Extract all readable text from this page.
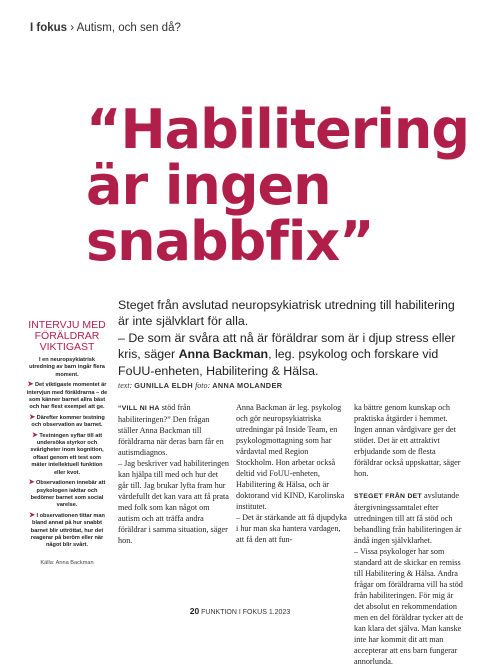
I fokus › Autism, och sen då?
“Habilitering
är ingen
snabbfix”
Steget från avslutad neuropsykiatrisk utredning till habilitering är inte självklart för alla.
– De som är svåra att nå är föräldrar som är i djup stress eller kris, säger Anna Backman, leg. psykolog och forskare vid FoUU-enheten, Habilitering & Hälsa.
text: GUNILLA ELDH foto: ANNA MOLANDER
INTERVJU MED
FÖRÄLDRAR
VIKTIGAST
I en neuropsykiatrisk utredning av barn ingår flera moment.
➤ Det viktigaste momentet är intervjun med föräldrarna – de som känner barnet allra bäst och har flest exempel att ge.
➤ Därefter kommer testning och observation av barnet.
➤ Testningen syftar till att undersöka styrkor och svårigheter inom kognition, oftast genom ett test som mäter intellektuell funktion eller kvot.
➤ Observationen innebär att psykologen iakttar och bedömer barnet som social varelse.
➤ I observationen tittar man bland annat på hur snabbt barnet blir uttröttat, hur det reagerar på beröm eller när något blir svårt.
Källa: Anna Backman

“VILL NI HA stöd från habiliteringen?” Den frågan ställer Anna Backman till föräldrarna när deras barn får en autismdiagnos.

– Jag beskriver vad habiliteringen kan hjälpa till med och hur det går till. Jag brukar lyfta fram hur värdefullt det kan vara att få prata med folk som kan något om autism och att träffa andra föräldrar i samma situation, säger hon.

Anna Backman är leg. psykolog och gör neuropsykiatriska utredningar på Inside Team, en psykologmottagning som har vårdavtal med Region Stockholm. Hon arbetar också deltid vid FoUU-enheten, Habilitering & Hälsa, och är doktorand vid KIND, Karolinska institutet.

– Det är stärkande att få djupdyka i hur man ska hantera vardagen, att få den att fun-

ka bättre genom kunskap och praktiska åtgärder i hemmet. Ingen annan vårdgivare ger det stödet. Det är ett attraktivt erbjudande som de flesta föräldrar också uppskattar, säger hon.

STEGET FRÅN DET avslutande återgivningssamtalet efter utredningen till att få stöd och behandling från habiliteringen är ändå ingen självklarhet.

– Vissa psykologer har som standard att de skickar en remiss till Habilitering & Hälsa. Andra frågar om föräldrarna vill ha stöd från habiliteringen. För mig är det absolut en rekommendation men en del föräldrar tycker att de kan klara det själva. Man kanske inte har kommit dit att man accepterar att ens barn fungerar annorlunda.

20 FUNKTION I FOKUS 1.2023
